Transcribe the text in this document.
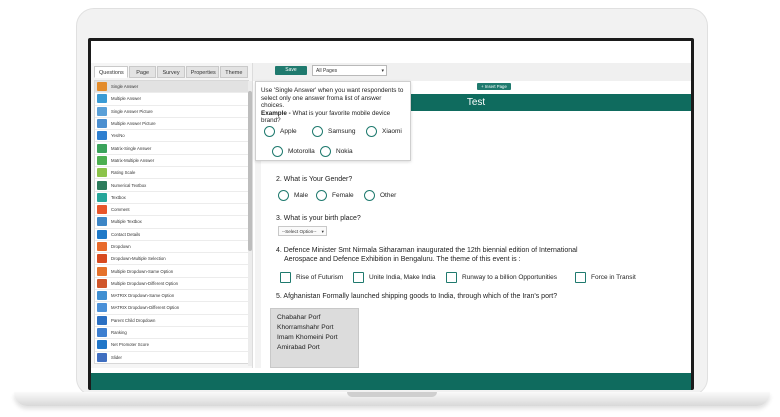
Questions	Page	Survey	Properties	Theme
Single Answer
Multiple Answer
Single Answer Picture
Multiple Answer Picture
Yes/No
Matrix-Single Answer
Matrix-Multiple Answer
Rating Scale
Numerical Textbox
Textbox
Comment
Multiple Textbox
Contact Details
Dropdown
Dropdown-Multiple Selection
Multiple Dropdown-Same Option
Multiple Dropdown-Different Option
MATRIX Dropdown-Same Option
MATRIX Dropdown-Different Option
Parent Child Dropdown
Ranking
Net Promoter Score
Slider
Save	All Pages	▾
+ Insert Page
Test
2. What is Your Gender?
Male	Female	Other
3. What is your birth place?
--Select Option-- ▾
4. Defence Minister Smt Nirmala Sitharaman inaugurated the 12th biennial edition of International
Aerospace and Defence Exhibition in Bengaluru. The theme of this event is :
Rise of Futurism	Unite India, Make India	Runway to a billion Opportunities	Force in Transit
5. Afghanistan Formally launched shipping goods to India, through which of the Iran's port?
Chabahar Porf
Khorramshahr Port
Imam Khomeini Port
Amirabad Port
Use 'Single Answer' when you want respondents to select only one answer froma list of answer choices.
Example - What is your favorite mobile device brand?
Apple	Samsung	Xiaomi
Motorolla	Nokia
